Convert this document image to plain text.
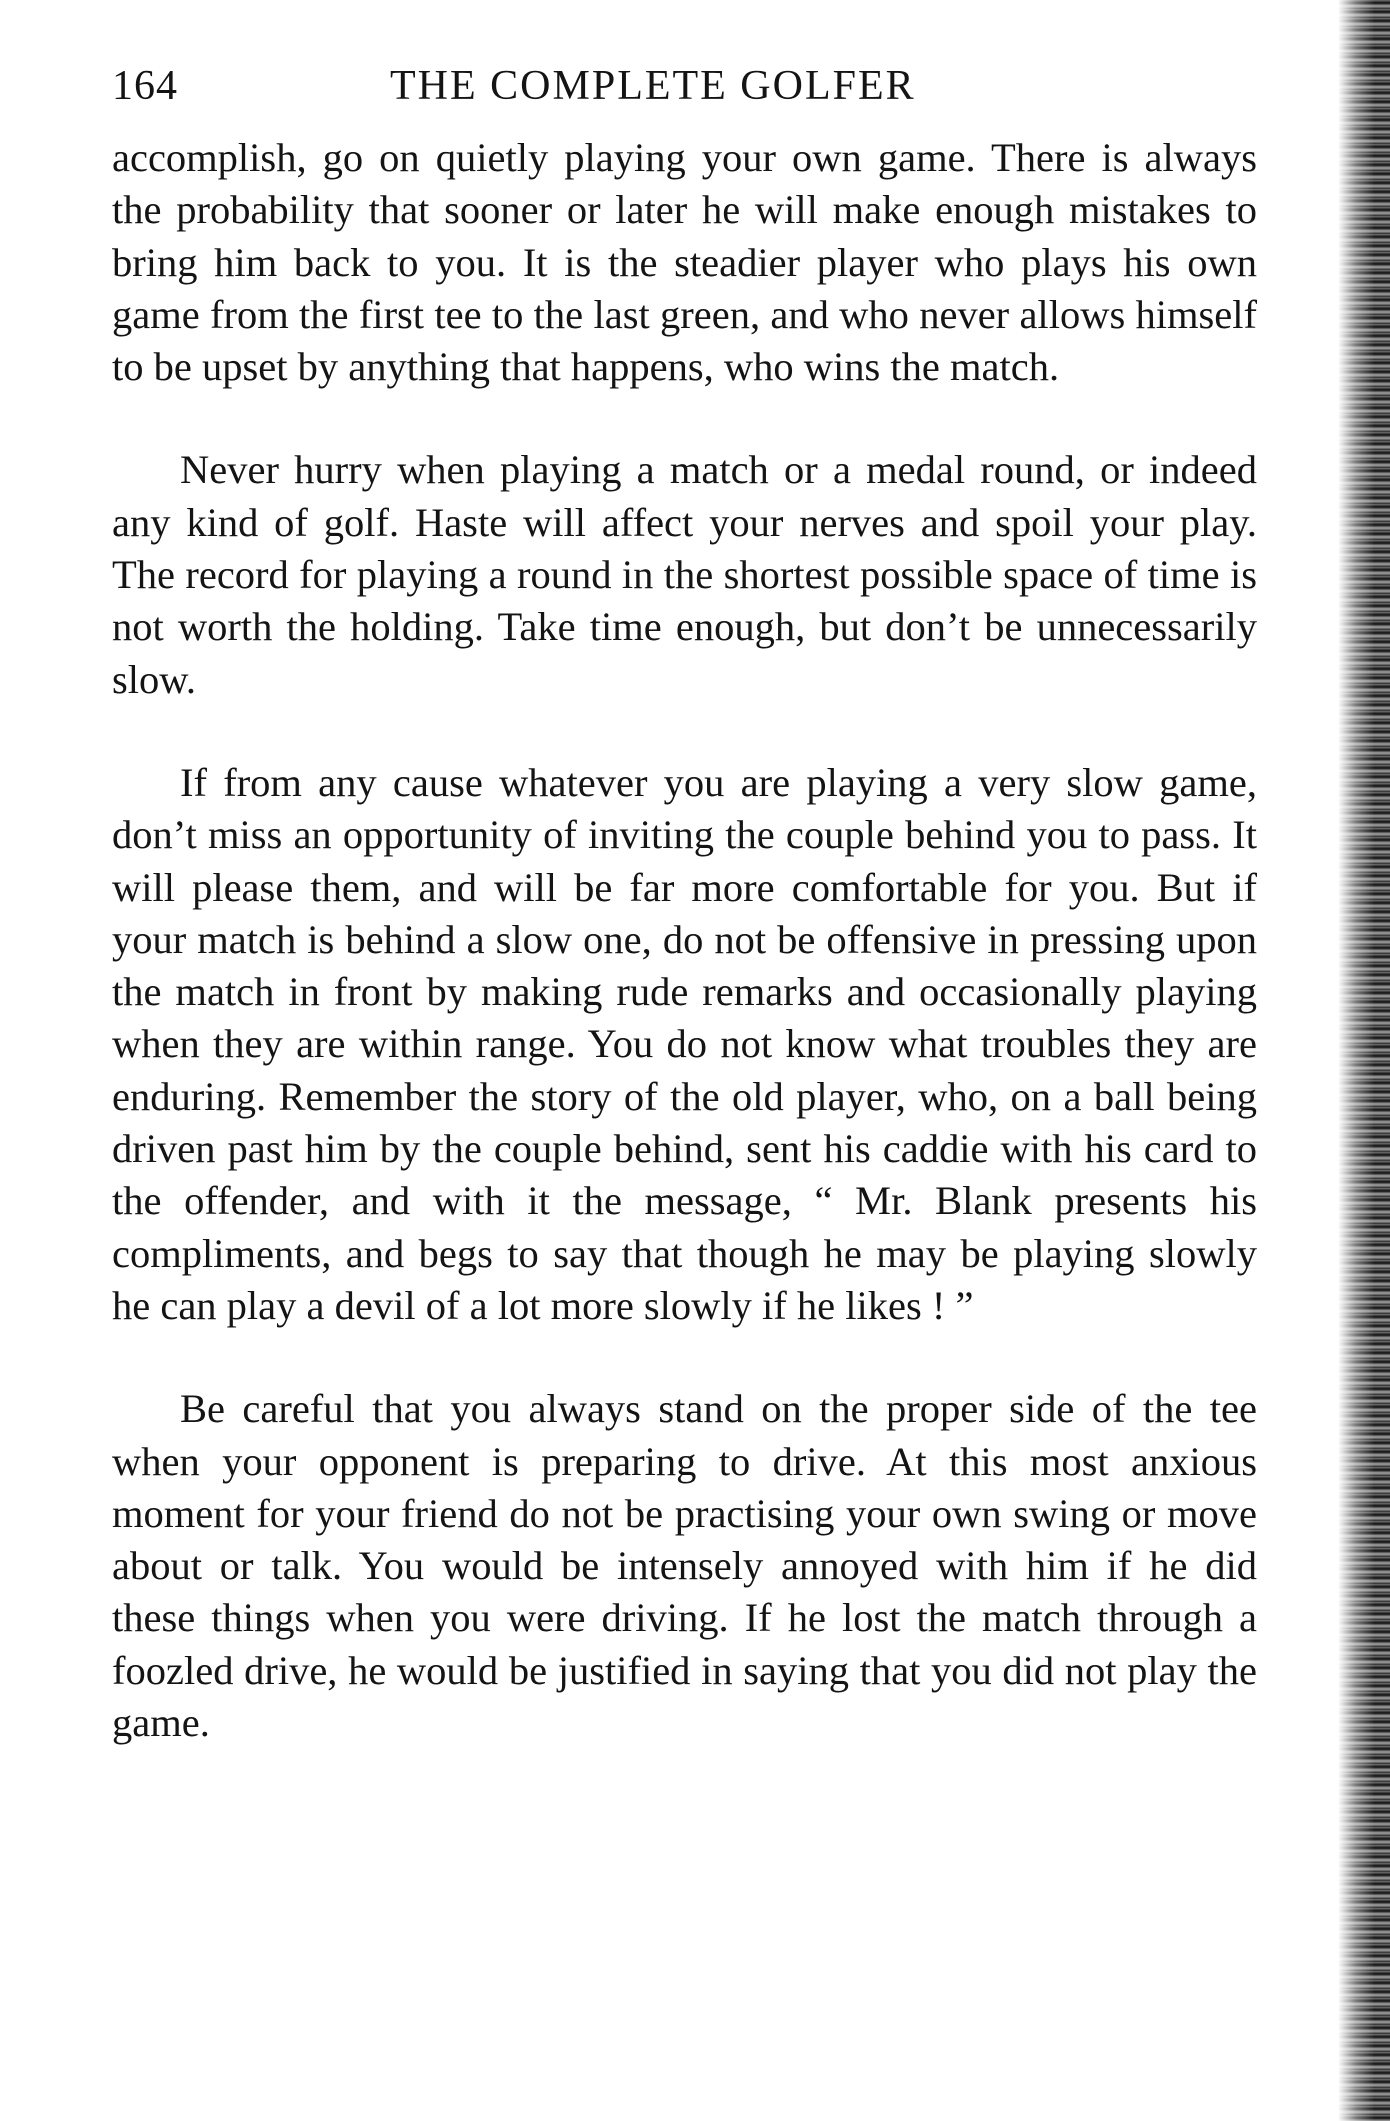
164	THE COMPLETE GOLFER

accomplish, go on quietly playing your own game. There is always the probability that sooner or later he will make enough mistakes to bring him back to you. It is the steadier player who plays his own game from the first tee to the last green, and who never allows himself to be upset by anything that happens, who wins the match.

Never hurry when playing a match or a medal round, or indeed any kind of golf. Haste will affect your nerves and spoil your play. The record for playing a round in the shortest possible space of time is not worth the holding. Take time enough, but don’t be unnecessarily slow.

If from any cause whatever you are playing a very slow game, don’t miss an opportunity of inviting the couple behind you to pass. It will please them, and will be far more comfortable for you. But if your match is behind a slow one, do not be offensive in pressing upon the match in front by making rude remarks and occasionally playing when they are within range. You do not know what troubles they are enduring. Remember the story of the old player, who, on a ball being driven past him by the couple behind, sent his caddie with his card to the offender, and with it the message, “ Mr. Blank presents his compliments, and begs to say that though he may be playing slowly he can play a devil of a lot more slowly if he likes ! ”

Be careful that you always stand on the proper side of the tee when your opponent is preparing to drive. At this most anxious moment for your friend do not be practising your own swing or move about or talk. You would be intensely annoyed with him if he did these things when you were driving. If he lost the match through a foozled drive, he would be justified in saying that you did not play the game.
